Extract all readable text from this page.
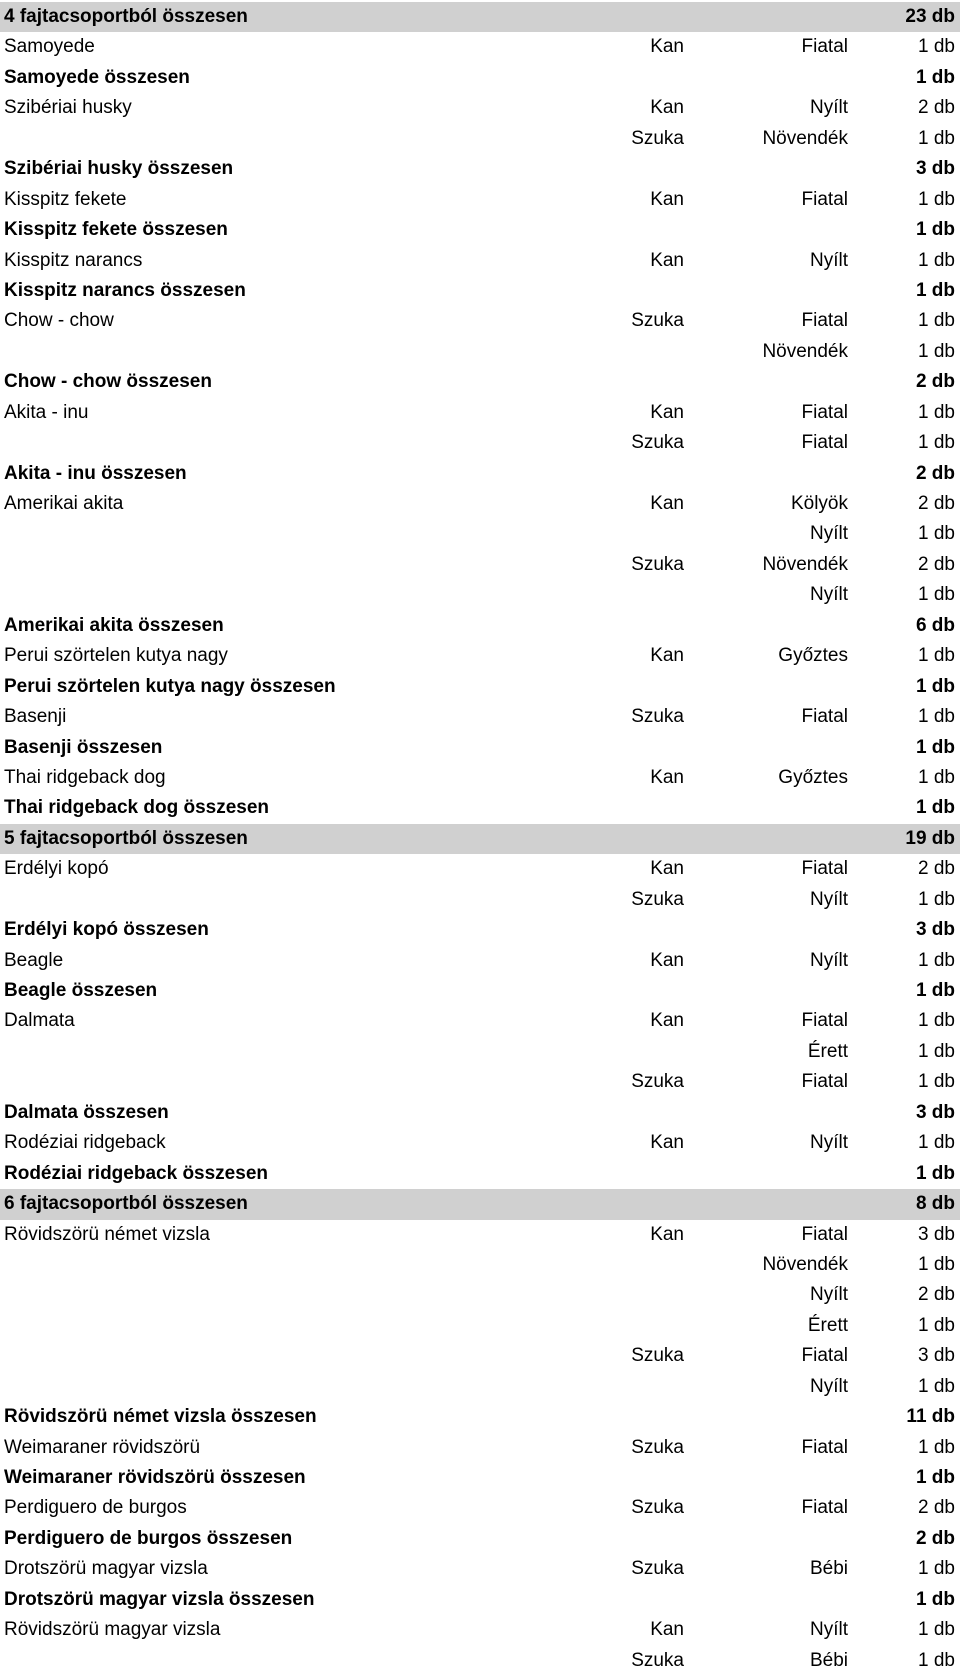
4 fajtacsoportból összesen	23 db
Samoyede	Kan	Fiatal	1 db
Samoyede összesen	1 db
Szibériai husky	Kan	Nyílt	2 db
Szuka	Növendék	1 db
Szibériai husky összesen	3 db
Kisspitz fekete	Kan	Fiatal	1 db
Kisspitz fekete összesen	1 db
Kisspitz narancs	Kan	Nyílt	1 db
Kisspitz narancs összesen	1 db
Chow - chow	Szuka	Fiatal	1 db
Növendék	1 db
Chow - chow összesen	2 db
Akita - inu	Kan	Fiatal	1 db
Szuka	Fiatal	1 db
Akita - inu összesen	2 db
Amerikai akita	Kan	Kölyök	2 db
Nyílt	1 db
Szuka	Növendék	2 db
Nyílt	1 db
Amerikai akita összesen	6 db
Perui szörtelen kutya nagy	Kan	Győztes	1 db
Perui szörtelen kutya nagy összesen	1 db
Basenji	Szuka	Fiatal	1 db
Basenji összesen	1 db
Thai ridgeback dog	Kan	Győztes	1 db
Thai ridgeback dog összesen	1 db
5 fajtacsoportból összesen	19 db
Erdélyi kopó	Kan	Fiatal	2 db
Szuka	Nyílt	1 db
Erdélyi kopó összesen	3 db
Beagle	Kan	Nyílt	1 db
Beagle összesen	1 db
Dalmata	Kan	Fiatal	1 db
Érett	1 db
Szuka	Fiatal	1 db
Dalmata összesen	3 db
Rodéziai ridgeback	Kan	Nyílt	1 db
Rodéziai ridgeback összesen	1 db
6 fajtacsoportból összesen	8 db
Rövidszörü német vizsla	Kan	Fiatal	3 db
Növendék	1 db
Nyílt	2 db
Érett	1 db
Szuka	Fiatal	3 db
Nyílt	1 db
Rövidszörü német vizsla összesen	11 db
Weimaraner rövidszörü	Szuka	Fiatal	1 db
Weimaraner rövidszörü összesen	1 db
Perdiguero de burgos	Szuka	Fiatal	2 db
Perdiguero de burgos összesen	2 db
Drotszörü magyar vizsla	Szuka	Bébi	1 db
Drotszörü magyar vizsla összesen	1 db
Rövidszörü magyar vizsla	Kan	Nyílt	1 db
Szuka	Bébi	1 db
